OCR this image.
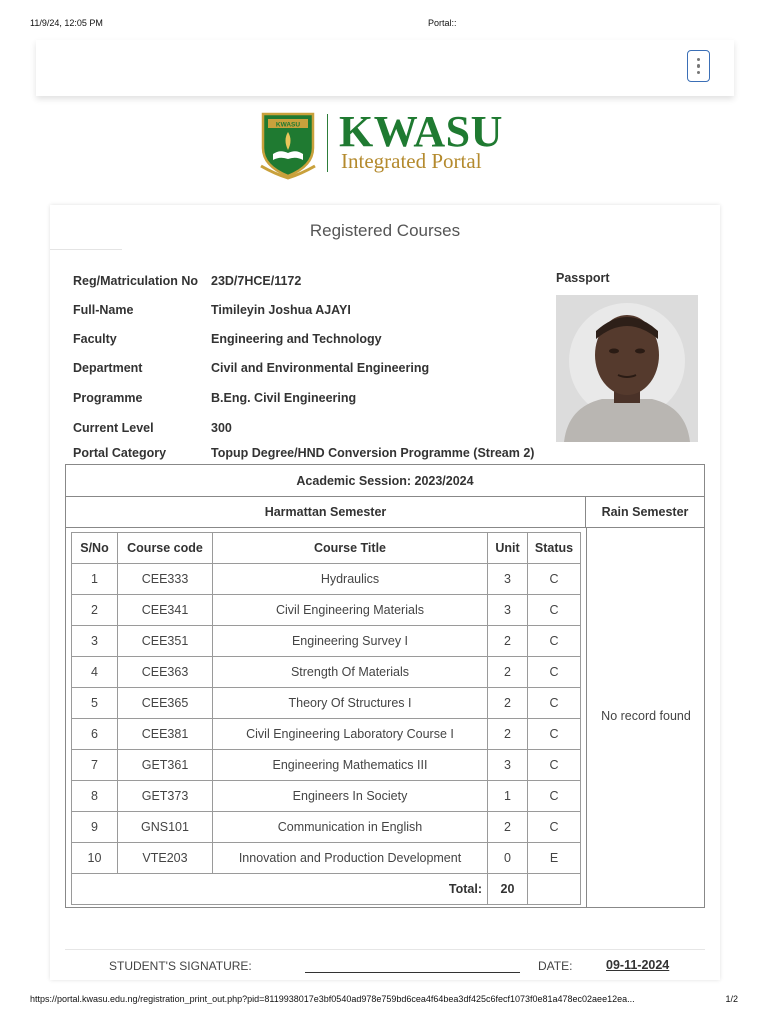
11/9/24, 12:05 PM	Portal::
KWASU KWASU
Integrated Portal
Registered Courses
Reg/Matriculation No 23D/7HCE/1172
Full-Name	Timileyin Joshua AJAYI
Faculty	Engineering and Technology
Department	Civil and Environmental Engineering
Programme	B.Eng. Civil Engineering
Current Level	300
Portal Category	Topup Degree/HND Conversion Programme (Stream 2)
Passport
Academic Session: 2023/2024
Harmattan Semester	Rain Semester
S/No	Course code	Course Title	Unit	Status
1	CEE333	Hydraulics	3	C
2	CEE341	Civil Engineering Materials	3	C
3	CEE351	Engineering Survey I	2	C
4	CEE363	Strength Of Materials	2	C
5	CEE365	Theory Of Structures I	2	C
6	CEE381	Civil Engineering Laboratory Course I	2	C
7	GET361	Engineering Mathematics III	3	C
8	GET373	Engineers In Society	1	C
9	GNS101	Communication in English	2	C
10	VTE203	Innovation and Production Development	0	E
Total:			20	
No record found
STUDENT'S SIGNATURE:	DATE:	09-11-2024
https://portal.kwasu.edu.ng/registration_print_out.php?pid=8119938017e3bf0540ad978e759bd6cea4f64bea3df425c6fecf1073f0e81a478ec02aee12ea...	1/2
